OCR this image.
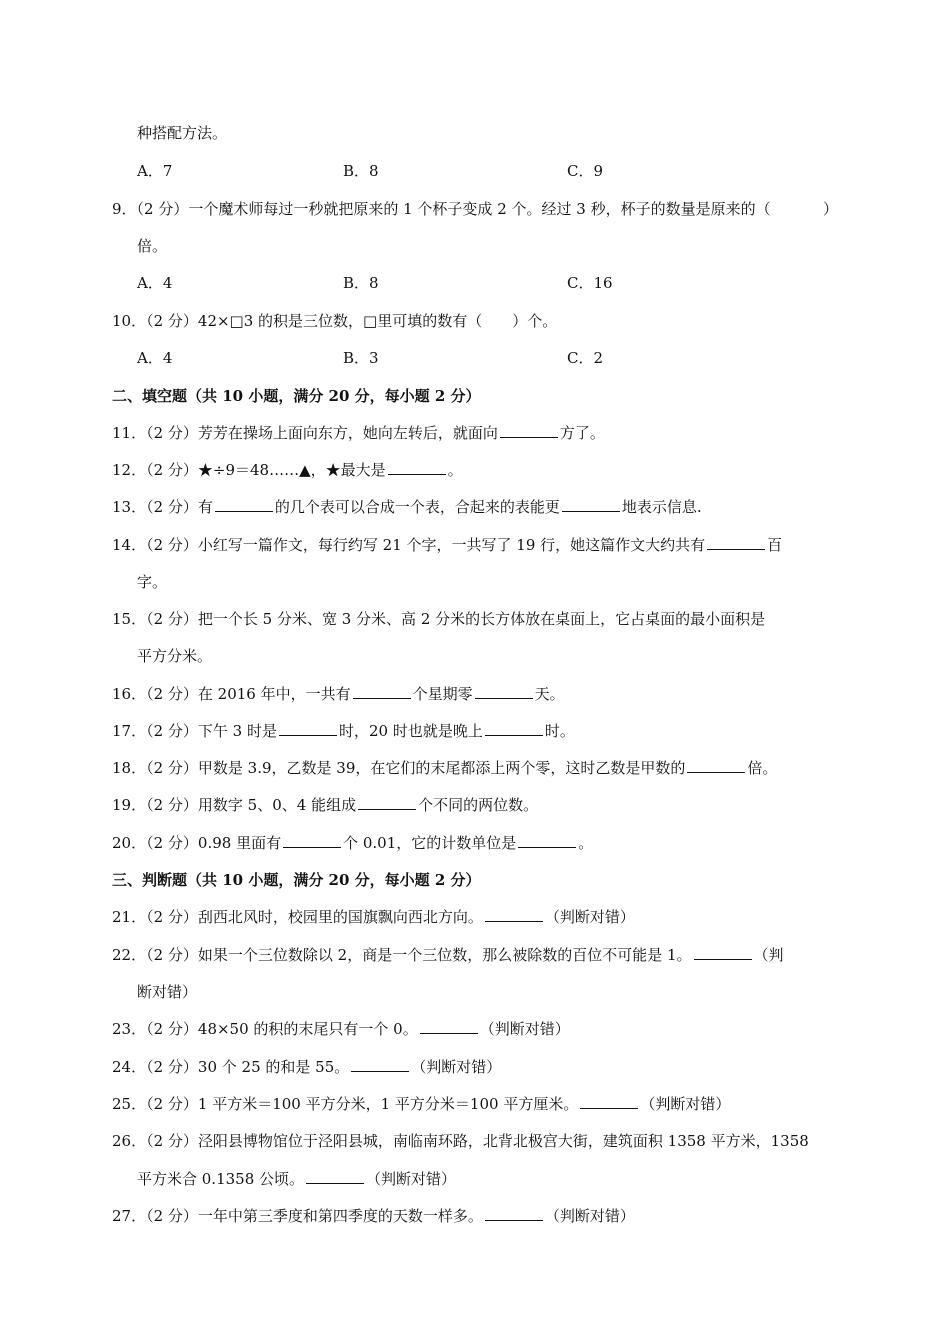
种搭配方法。
A．7	B．8	C．9
9．（2 分）一个魔术师每过一秒就把原来的 1 个杯子变成 2 个。经过 3 秒，杯子的数量是原来的（	）
倍。
A．4	B．8	C．16
10．（2 分）42×□3 的积是三位数，□里可填的数有（　　）个。
A．4	B．3	C．2
二、填空题（共 10 小题，满分 20 分，每小题 2 分）
11．（2 分）芳芳在操场上面向东方，她向左转后，就面向	方了。
12．（2 分）★÷9＝48……▲，★最大是	。
13．（2 分）有	的几个表可以合成一个表，合起来的表能更	地表示信息.
14．（2 分）小红写一篇作文，每行约写 21 个字，一共写了 19 行，她这篇作文大约共有	百
字。
15．（2 分）把一个长 5 分米、宽 3 分米、高 2 分米的长方体放在桌面上，它占桌面的最小面积是
平方分米。
16．（2 分）在 2016 年中，一共有	个星期零	天。
17．（2 分）下午 3 时是	时，20 时也就是晚上	时。
18．（2 分）甲数是 3.9，乙数是 39，在它们的末尾都添上两个零，这时乙数是甲数的	倍。
19．（2 分）用数字 5、0、4 能组成	个不同的两位数。
20．（2 分）0.98 里面有	个 0.01，它的计数单位是	。
三、判断题（共 10 小题，满分 20 分，每小题 2 分）
21．（2 分）刮西北风时，校园里的国旗飘向西北方向。	（判断对错）
22．（2 分）如果一个三位数除以 2，商是一个三位数，那么被除数的百位不可能是 1。	（判
断对错）
23．（2 分）48×50 的积的末尾只有一个 0。	（判断对错）
24．（2 分）30 个 25 的和是 55。	（判断对错）
25．（2 分）1 平方米＝100 平方分米，1 平方分米＝100 平方厘米。	（判断对错）
26．（2 分）泾阳县博物馆位于泾阳县城，南临南环路，北背北极宫大街，建筑面积 1358 平方米，1358
平方米合 0.1358 公顷。	（判断对错）
27．（2 分）一年中第三季度和第四季度的天数一样多。	（判断对错）
